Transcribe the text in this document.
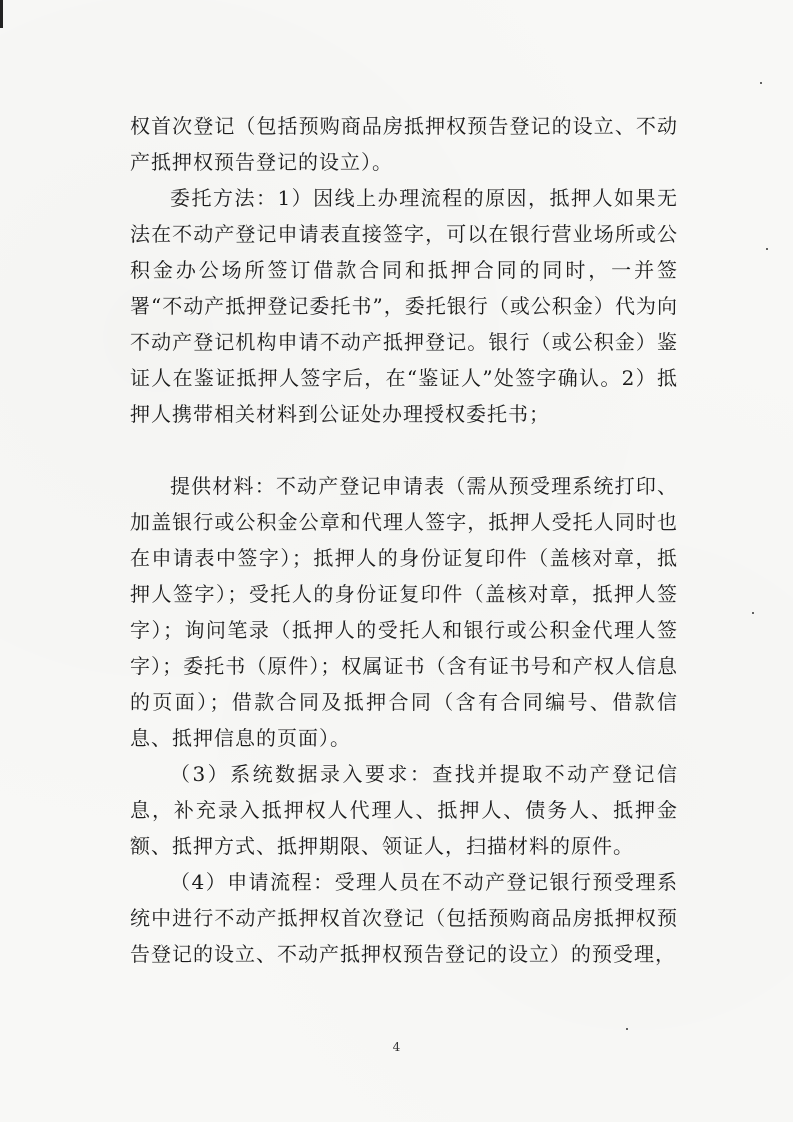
权首次登记（包括预购商品房抵押权预告登记的设立、不动产抵押权预告登记的设立）。

委托方法：1）因线上办理流程的原因，抵押人如果无法在不动产登记申请表直接签字，可以在银行营业场所或公积金办公场所签订借款合同和抵押合同的同时，一并签署“不动产抵押登记委托书”，委托银行（或公积金）代为向不动产登记机构申请不动产抵押登记。银行（或公积金）鉴证人在鉴证抵押人签字后，在“鉴证人”处签字确认。2）抵押人携带相关材料到公证处办理授权委托书；

提供材料：不动产登记申请表（需从预受理系统打印、加盖银行或公积金公章和代理人签字，抵押人受托人同时也在申请表中签字）；抵押人的身份证复印件（盖核对章，抵押人签字）；受托人的身份证复印件（盖核对章，抵押人签字）；询问笔录（抵押人的受托人和银行或公积金代理人签字）；委托书（原件）；权属证书（含有证书号和产权人信息的页面）；借款合同及抵押合同（含有合同编号、借款信息、抵押信息的页面）。

（3）系统数据录入要求：查找并提取不动产登记信息，补充录入抵押权人代理人、抵押人、债务人、抵押金额、抵押方式、抵押期限、领证人，扫描材料的原件。

（4）申请流程：受理人员在不动产登记银行预受理系统中进行不动产抵押权首次登记（包括预购商品房抵押权预告登记的设立、不动产抵押权预告登记的设立）的预受理，

4
